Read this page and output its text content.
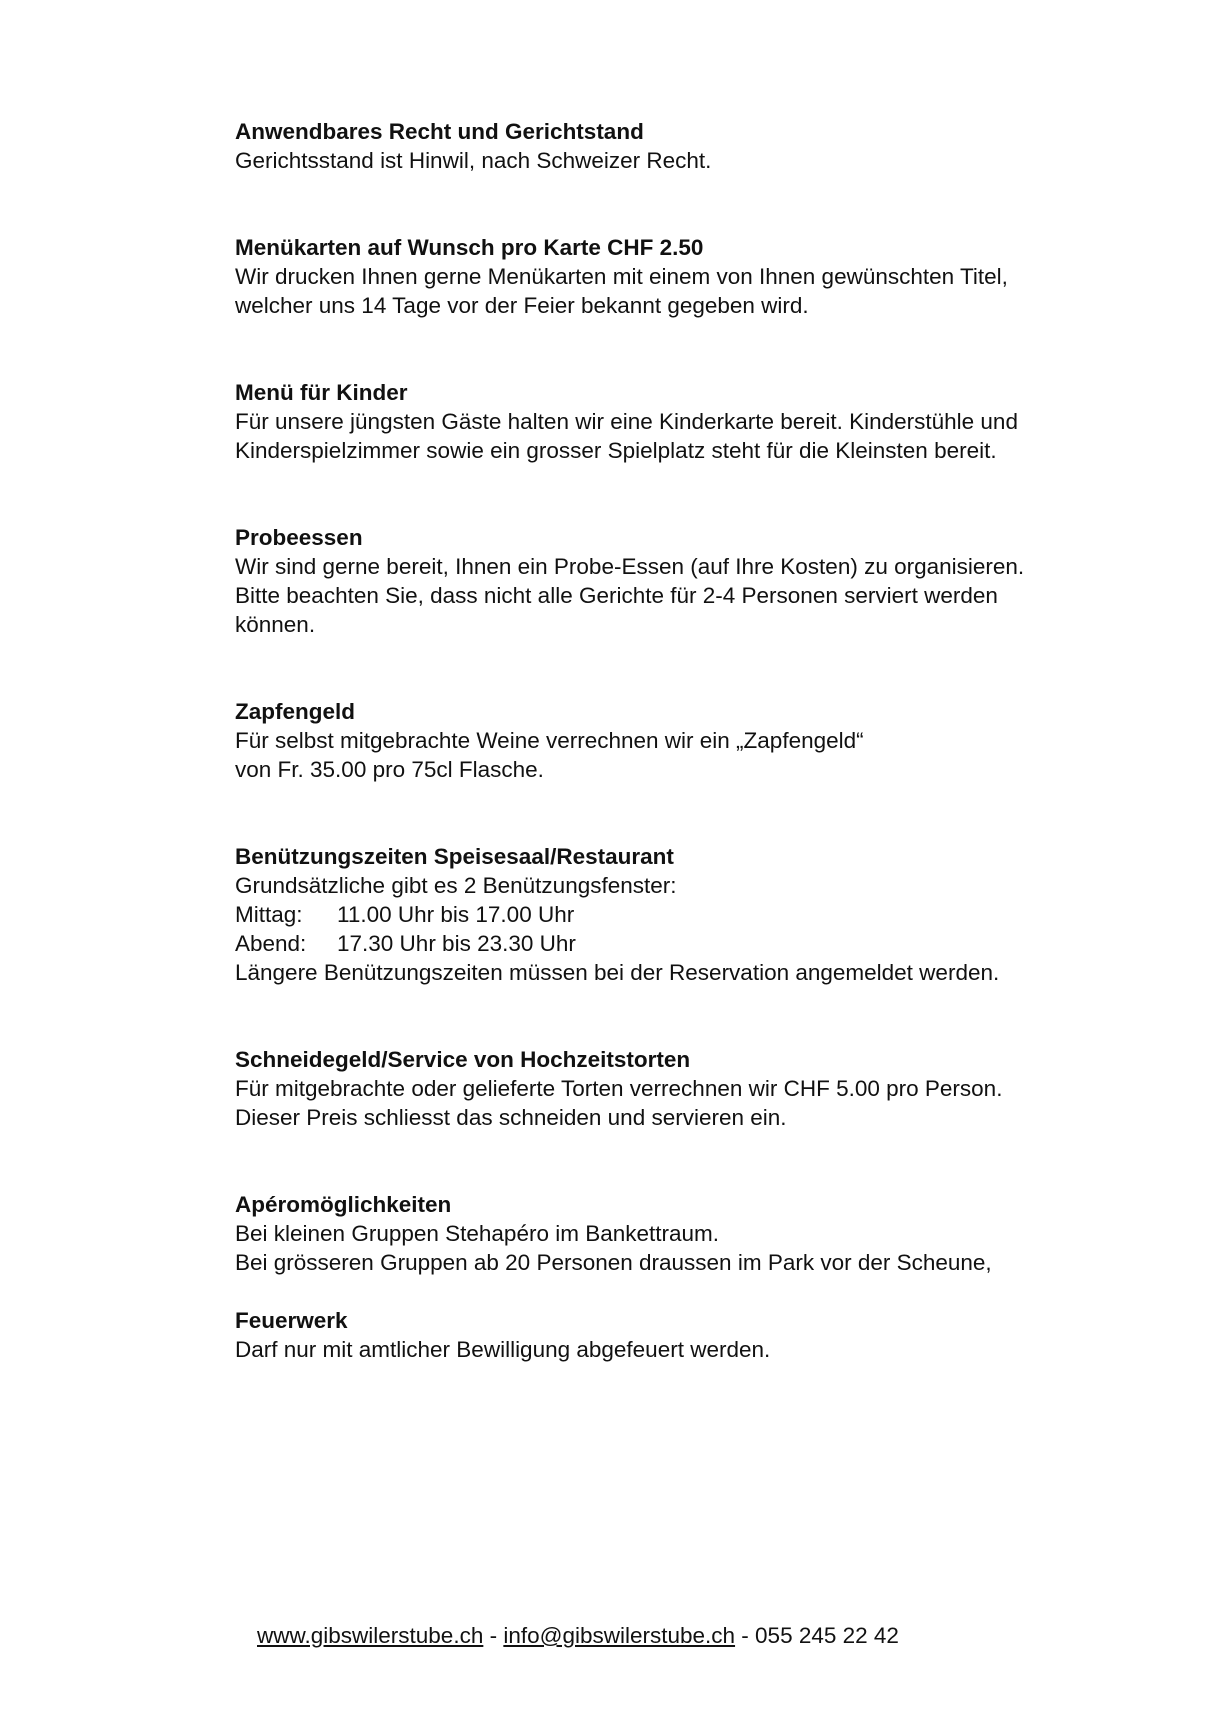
Anwendbares Recht und Gerichtstand
Gerichtsstand ist Hinwil, nach Schweizer Recht.
Menükarten auf Wunsch pro Karte CHF 2.50
Wir drucken Ihnen gerne Menükarten mit einem von Ihnen gewünschten Titel,
welcher uns 14 Tage vor der Feier bekannt gegeben wird.
Menü für Kinder
Für unsere jüngsten Gäste halten wir eine Kinderkarte bereit. Kinderstühle und
Kinderspielzimmer sowie ein grosser Spielplatz steht für die Kleinsten bereit.
Probeessen
Wir sind gerne bereit, Ihnen ein Probe-Essen (auf Ihre Kosten) zu organisieren.
Bitte beachten Sie, dass nicht alle Gerichte für 2-4 Personen serviert werden
können.
Zapfengeld
Für selbst mitgebrachte Weine verrechnen wir ein „Zapfengeld“
von Fr. 35.00 pro 75cl Flasche.
Benützungszeiten Speisesaal/Restaurant
Grundsätzliche gibt es 2 Benützungsfenster:
Mittag: 11.00 Uhr bis 17.00 Uhr
Abend: 17.30 Uhr bis 23.30 Uhr
Längere Benützungszeiten müssen bei der Reservation angemeldet werden.
Schneidegeld/Service von Hochzeitstorten
Für mitgebrachte oder gelieferte Torten verrechnen wir CHF 5.00 pro Person.
Dieser Preis schliesst das schneiden und servieren ein.
Apéromöglichkeiten
Bei kleinen Gruppen Stehapéro im Bankettraum.
Bei grösseren Gruppen ab 20 Personen draussen im Park vor der Scheune,
Feuerwerk
Darf nur mit amtlicher Bewilligung abgefeuert werden.
www.gibswilerstube.ch - info@gibswilerstube.ch - 055 245 22 42
